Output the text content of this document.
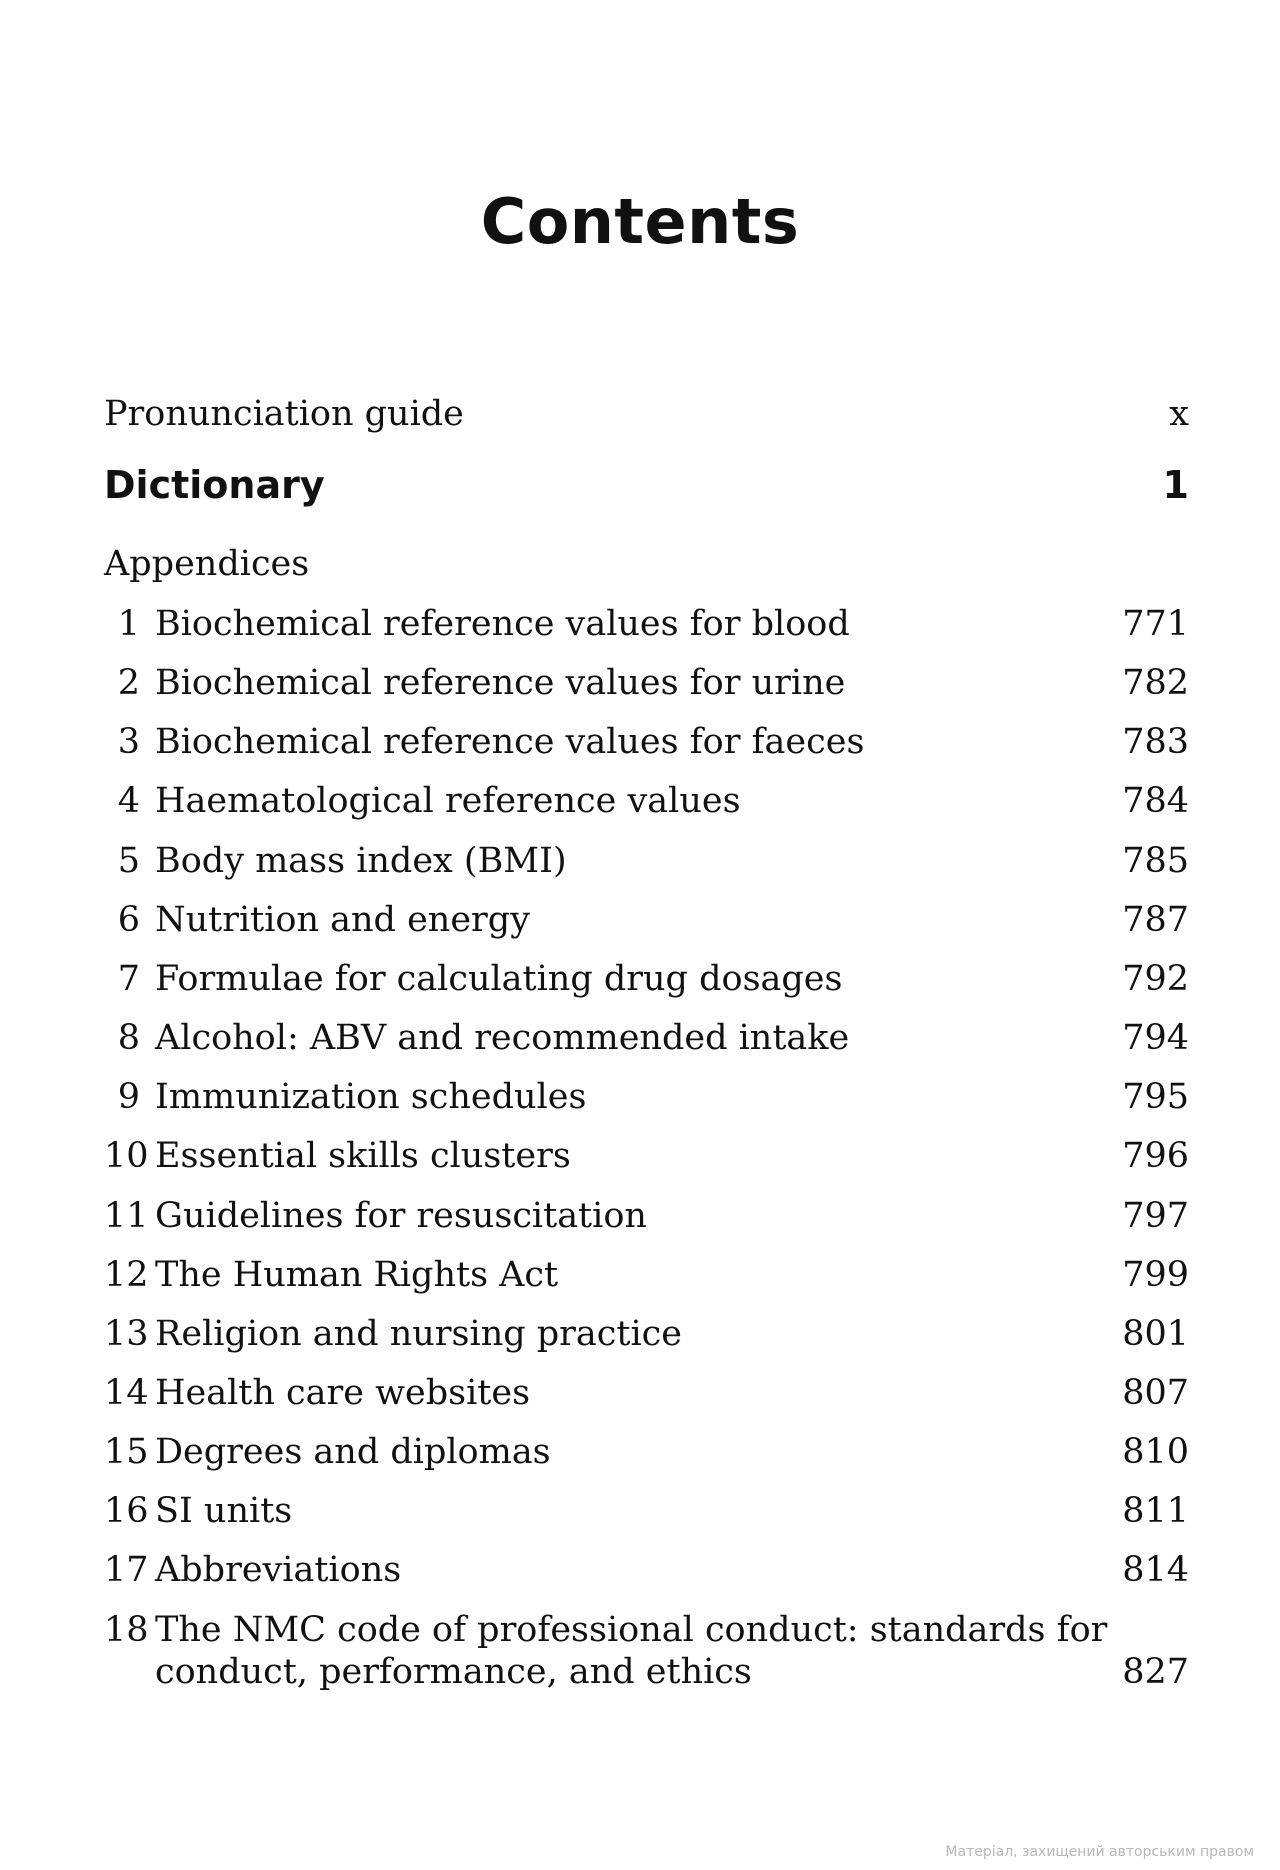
Contents
Pronunciation guide	x
Dictionary	1
Appendices
1 Biochemical reference values for blood	771
2 Biochemical reference values for urine	782
3 Biochemical reference values for faeces	783
4 Haematological reference values	784
5 Body mass index (BMI)	785
6 Nutrition and energy	787
7 Formulae for calculating drug dosages	792
8 Alcohol: ABV and recommended intake	794
9 Immunization schedules	795
10 Essential skills clusters	796
11 Guidelines for resuscitation	797
12 The Human Rights Act	799
13 Religion and nursing practice	801
14 Health care websites	807
15 Degrees and diplomas	810
16 SI units	811
17 Abbreviations	814
18 The NMC code of professional conduct: standards for
conduct, performance, and ethics	827
Матеріал, захищений авторським правом
